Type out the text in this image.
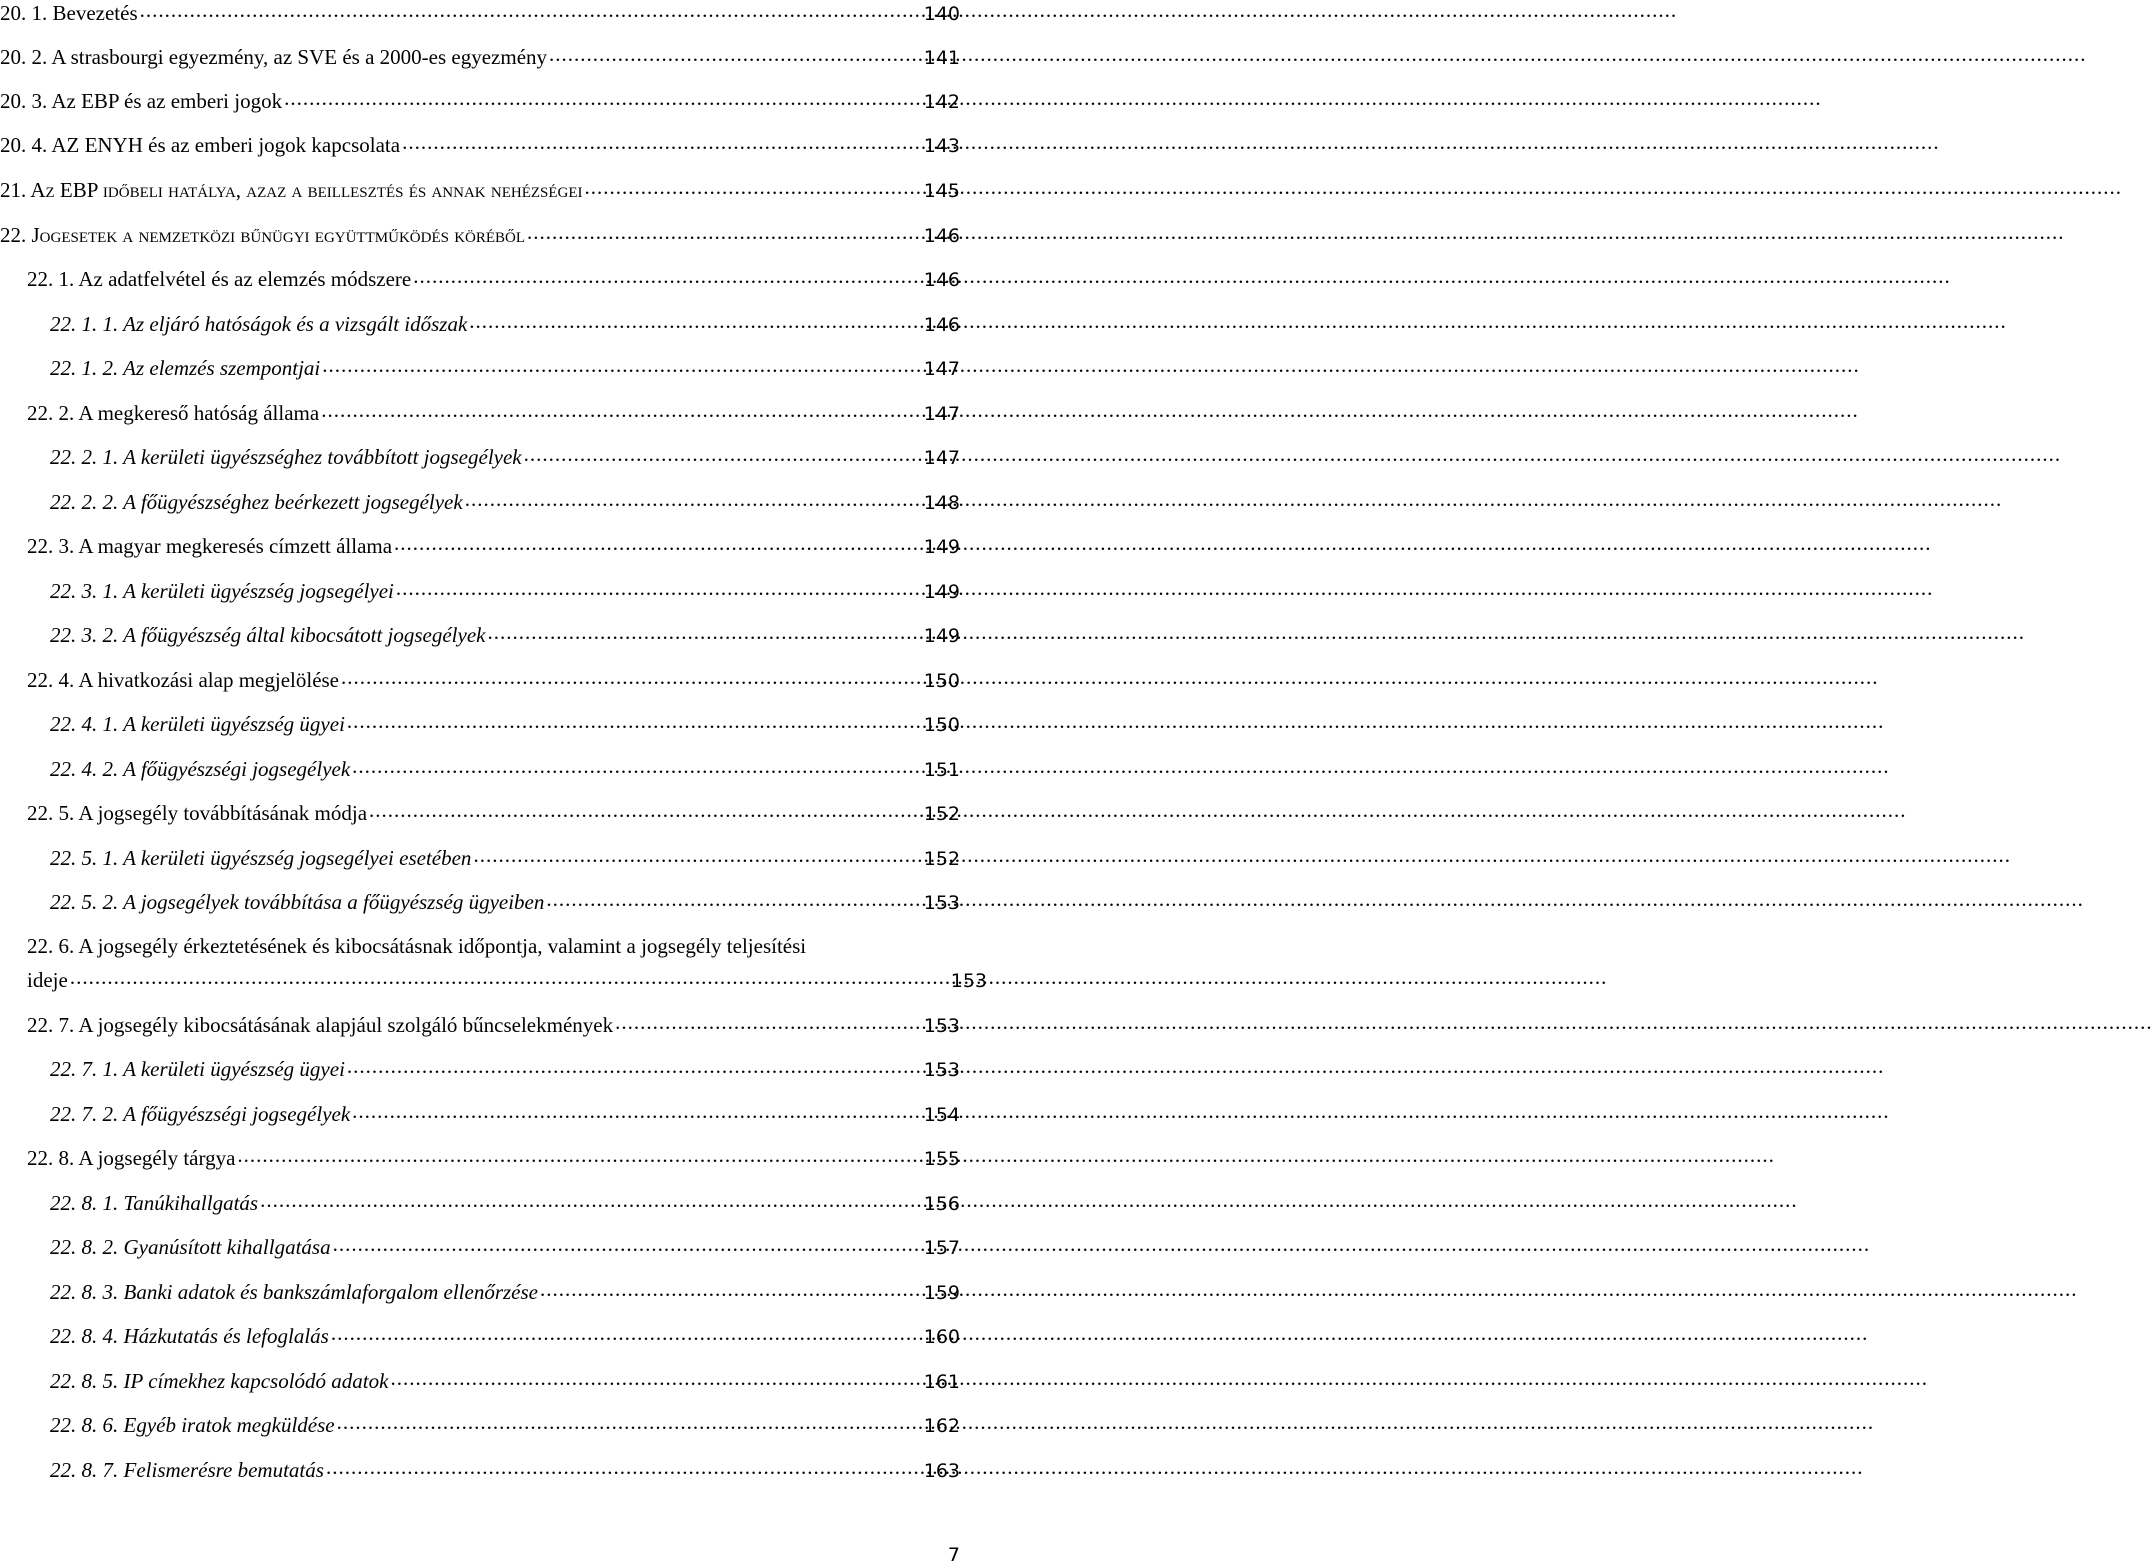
20. 1. Bevezetés .....	140
20. 2. A strasbourgi egyezmény, az SVE és a 2000-es egyezmény .....	141
20. 3. Az EBP és az emberi jogok .....	142
20. 4. AZ ENYH és az emberi jogok kapcsolata .....	143
21. Az EBP időbeli hatálya, azaz a beillesztés és annak nehézségei .....	145
22. Jogesetek a nemzetközi bűnügyi együttműködés köréből .....	146
22. 1. Az adatfelvétel és az elemzés módszere .....	146
22. 1. 1. Az eljáró hatóságok és a vizsgált időszak .....	146
22. 1. 2. Az elemzés szempontjai .....	147
22. 2. A megkereső hatóság állama .....	147
22. 2. 1. A kerületi ügyészséghez továbbított jogsegélyek .....	147
22. 2. 2. A főügyészséghez beérkezett jogsegélyek .....	148
22. 3. A magyar megkeresés címzett állama .....	149
22. 3. 1. A kerületi ügyészség jogsegélyei .....	149
22. 3. 2. A főügyészség által kibocsátott jogsegélyek .....	149
22. 4. A hivatkozási alap megjelölése .....	150
22. 4. 1. A kerületi ügyészség ügyei .....	150
22. 4. 2. A főügyészségi jogsegélyek .....	151
22. 5. A jogsegély továbbításának módja .....	152
22. 5. 1. A kerületi ügyészség jogsegélyei esetében .....	152
22. 5. 2. A jogsegélyek továbbítása a főügyészség ügyeiben .....	153
22. 6. A jogsegély érkeztetésének és kibocsátásnak időpontja, valamint a jogsegély teljesítési
ideje .....	153
22. 7. A jogsegély kibocsátásának alapjául szolgáló bűncselekmények .....	153
22. 7. 1. A kerületi ügyészség ügyei .....	153
22. 7. 2. A főügyészségi jogsegélyek .....	154
22. 8. A jogsegély tárgya .....	155
22. 8. 1. Tanúkihallgatás .....	156
22. 8. 2. Gyanúsított kihallgatása .....	157
22. 8. 3. Banki adatok és bankszámlaforgalom ellenőrzése .....	159
22. 8. 4. Házkutatás és lefoglalás .....	160
22. 8. 5. IP címekhez kapcsolódó adatok .....	161
22. 8. 6. Egyéb iratok megküldése .....	162
22. 8. 7. Felismerésre bemutatás .....	163
7
